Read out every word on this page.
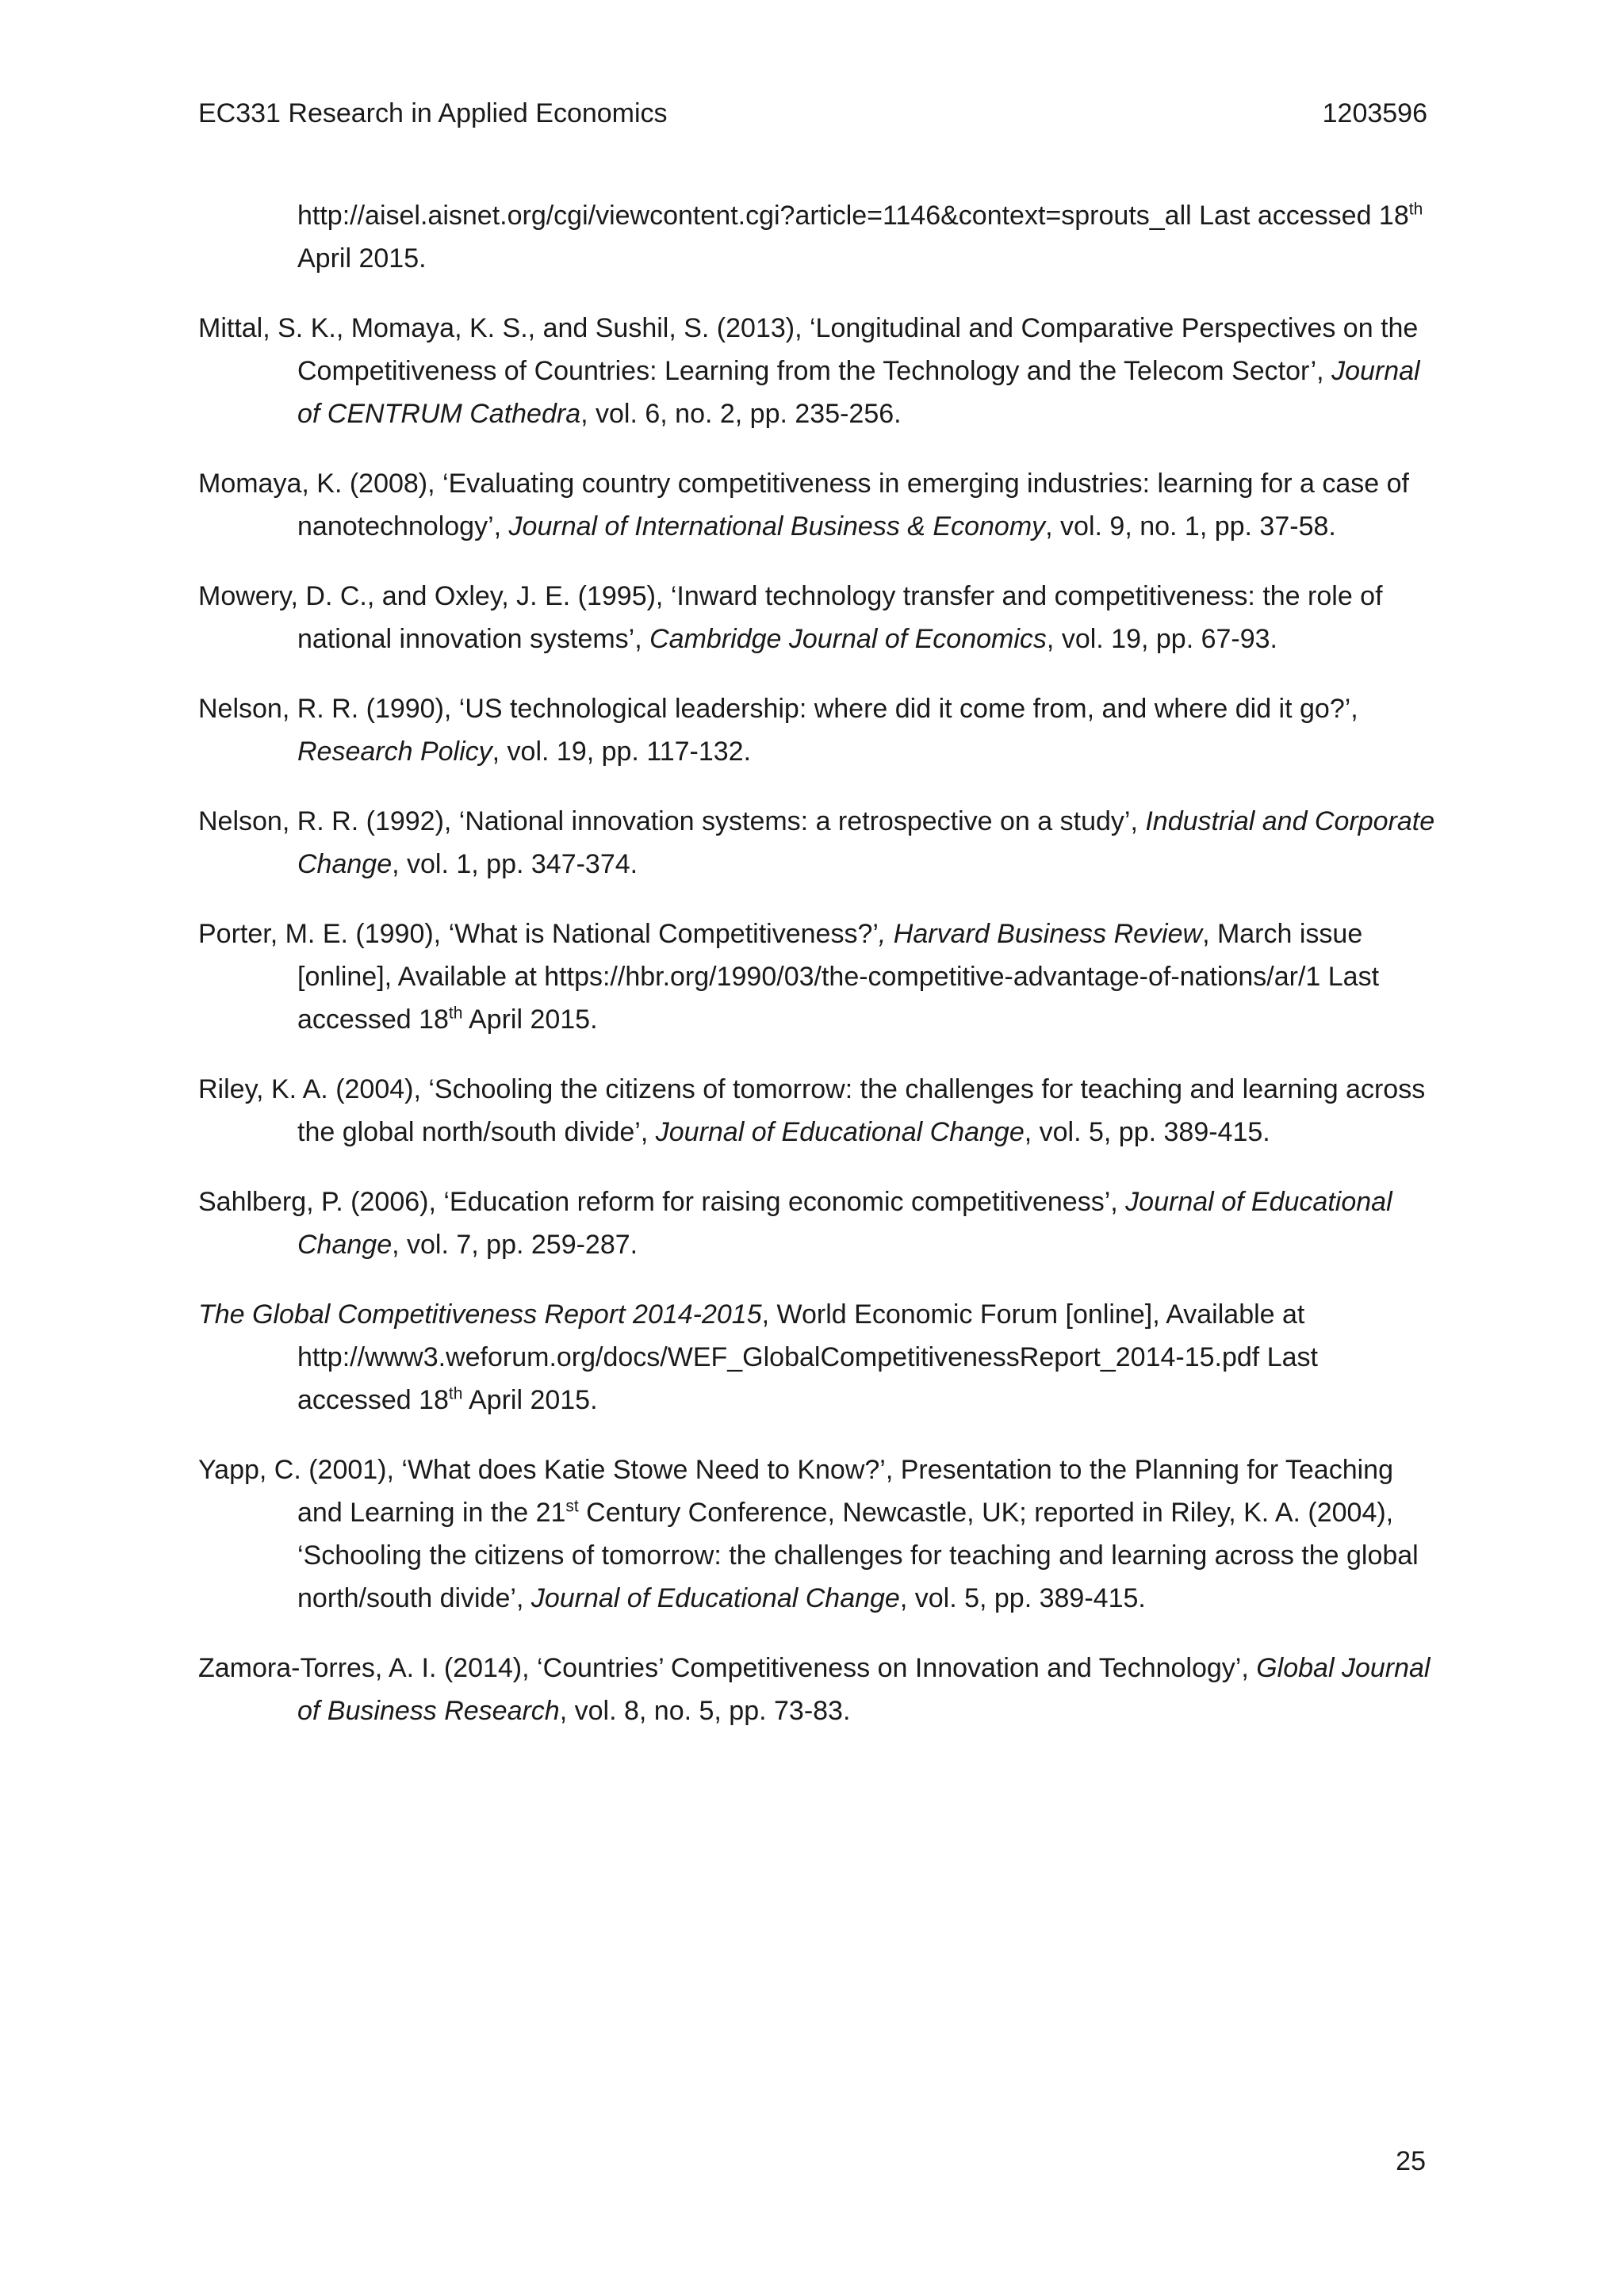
EC331 Research in Applied Economics	1203596

http://aisel.aisnet.org/cgi/viewcontent.cgi?article=1146&context=sprouts_all Last accessed 18th April 2015.

Mittal, S. K., Momaya, K. S., and Sushil, S. (2013), ‘Longitudinal and Comparative Perspectives on the Competitiveness of Countries: Learning from the Technology and the Telecom Sector’, Journal of CENTRUM Cathedra, vol. 6, no. 2, pp. 235-256.

Momaya, K. (2008), ‘Evaluating country competitiveness in emerging industries: learning for a case of nanotechnology’, Journal of International Business & Economy, vol. 9, no. 1, pp. 37-58.

Mowery, D. C., and Oxley, J. E. (1995), ‘Inward technology transfer and competitiveness: the role of national innovation systems’, Cambridge Journal of Economics, vol. 19, pp. 67-93.

Nelson, R. R. (1990), ‘US technological leadership: where did it come from, and where did it go?’, Research Policy, vol. 19, pp. 117-132.

Nelson, R. R. (1992), ‘National innovation systems: a retrospective on a study’, Industrial and Corporate Change, vol. 1, pp. 347-374.

Porter, M. E. (1990), ‘What is National Competitiveness?’, Harvard Business Review, March issue [online], Available at https://hbr.org/1990/03/the-competitive-advantage-of-nations/ar/1 Last accessed 18th April 2015.

Riley, K. A. (2004), ‘Schooling the citizens of tomorrow: the challenges for teaching and learning across the global north/south divide’, Journal of Educational Change, vol. 5, pp. 389-415.

Sahlberg, P. (2006), ‘Education reform for raising economic competitiveness’, Journal of Educational Change, vol. 7, pp. 259-287.

The Global Competitiveness Report 2014-2015, World Economic Forum [online], Available at http://www3.weforum.org/docs/WEF_GlobalCompetitivenessReport_2014-15.pdf Last accessed 18th April 2015.

Yapp, C. (2001), ‘What does Katie Stowe Need to Know?’, Presentation to the Planning for Teaching and Learning in the 21st Century Conference, Newcastle, UK; reported in Riley, K. A. (2004), ‘Schooling the citizens of tomorrow: the challenges for teaching and learning across the global north/south divide’, Journal of Educational Change, vol. 5, pp. 389-415.

Zamora-Torres, A. I. (2014), ‘Countries’ Competitiveness on Innovation and Technology’, Global Journal of Business Research, vol. 8, no. 5, pp. 73-83.

25
